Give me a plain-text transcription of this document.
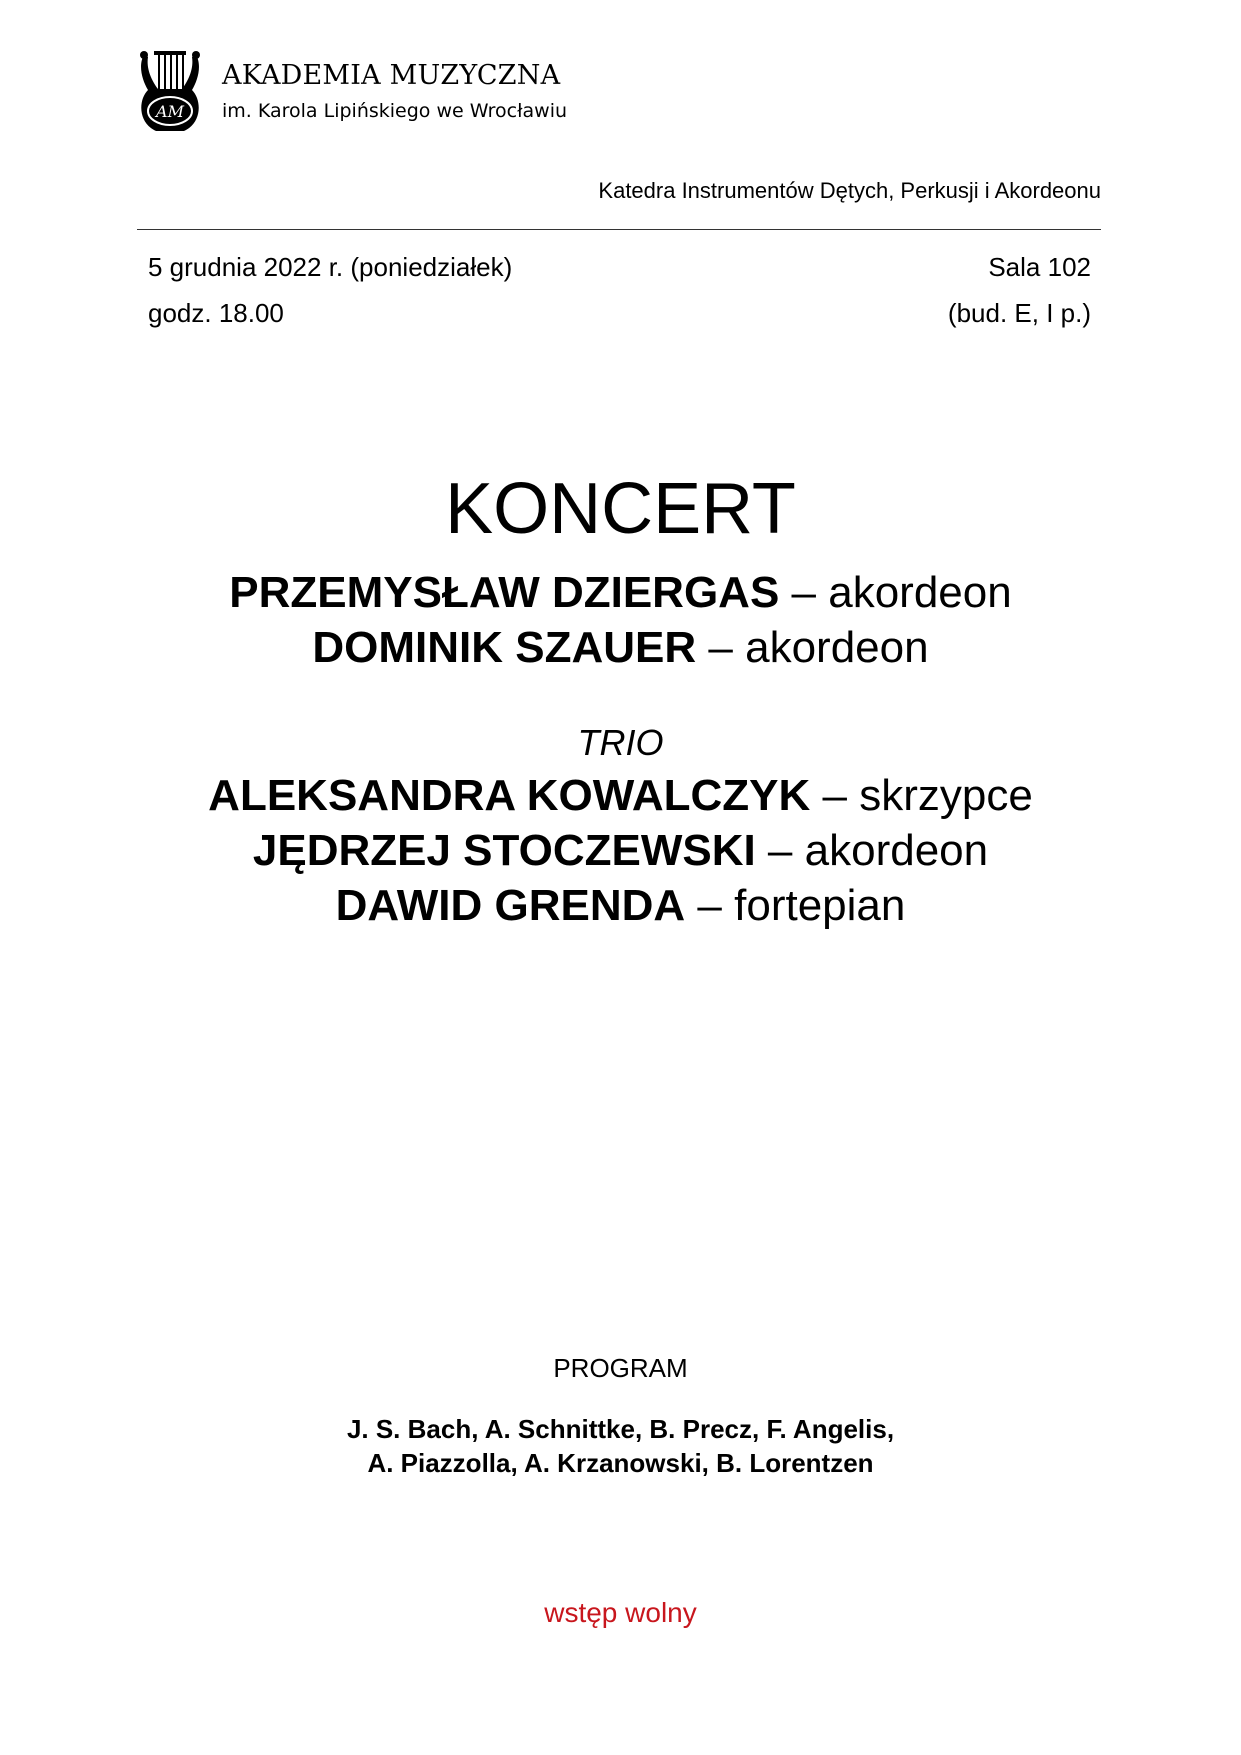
AM
AKADEMIA MUZYCZNA
im. Karola Lipińskiego we Wrocławiu
Katedra Instrumentów Dętych, Perkusji i Akordeonu
5 grudnia 2022 r. (poniedziałek)
godz. 18.00
Sala 102
(bud. E, I p.)
KONCERT
PRZEMYSŁAW DZIERGAS – akordeon
DOMINIK SZAUER – akordeon
TRIO
ALEKSANDRA KOWALCZYK – skrzypce
JĘDRZEJ STOCZEWSKI – akordeon
DAWID GRENDA – fortepian
PROGRAM
J. S. Bach, A. Schnittke, B. Precz, F. Angelis,
A. Piazzolla, A. Krzanowski, B. Lorentzen
wstęp wolny
